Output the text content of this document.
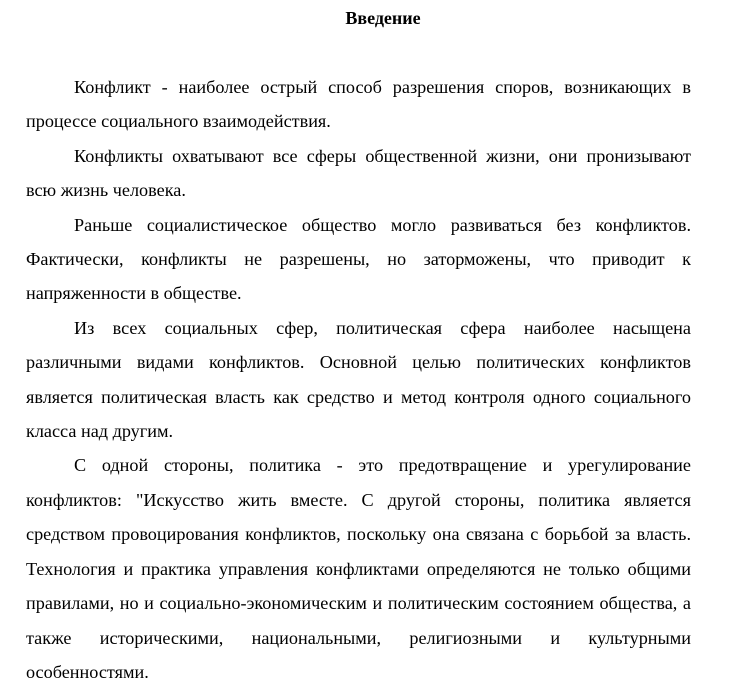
Введение

Конфликт - наиболее острый способ разрешения споров, возникающих в процессе социального взаимодействия.

Конфликты охватывают все сферы общественной жизни, они пронизывают всю жизнь человека.

Раньше социалистическое общество могло развиваться без конфликтов. Фактически, конфликты не разрешены, но заторможены, что приводит к напряженности в обществе.

Из всех социальных сфер, политическая сфера наиболее насыщена различными видами конфликтов. Основной целью политических конфликтов является политическая власть как средство и метод контроля одного социального класса над другим.

С одной стороны, политика - это предотвращение и урегулирование конфликтов: "Искусство жить вместе. С другой стороны, политика является средством провоцирования конфликтов, поскольку она связана с борьбой за власть. Технология и практика управления конфликтами определяются не только общими правилами, но и социально-экономическим и политическим состоянием общества, а также историческими, национальными, религиозными и культурными особенностями.
